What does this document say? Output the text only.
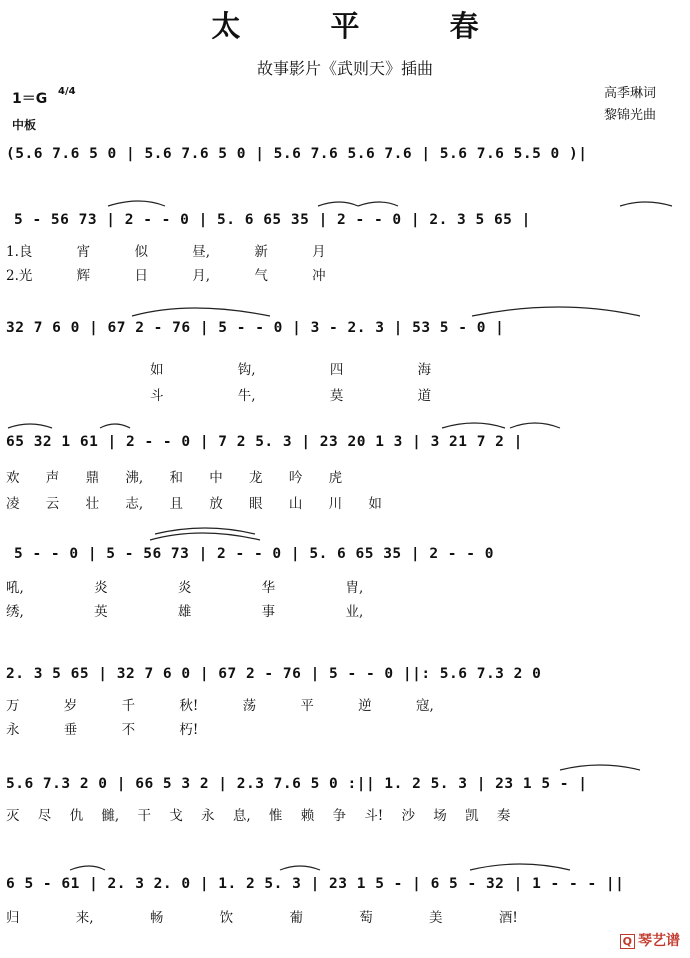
太 平 春
故事影片《武则天》插曲
高季琳词
黎锦光曲
1＝G 4/4
中板
(5.6 7.6 5 0 | 5.6 7.6 5 0 | 5.6 7.6 5.6 7.6 | 5.6 7.6 5.5 0 )|
5 - 56 73 | 2 - - 0 | 5. 6 65 35 | 2 - - 0 | 2. 3 5 65 |
1.良 宵 似 昼, 新 月
2.光 辉 日 月, 气 冲
32 7 6 0 | 67 2 - 76 | 5 - - 0 | 3 - 2. 3 | 53 5 - 0 |
如 钩, 四 海
斗 牛, 莫 道
65 32 1 61 | 2 - - 0 | 7 2 5. 3 | 23 20 1 3 | 3 21 7 2 |
欢 声 鼎 沸, 和 中 龙 吟 虎
凌 云 壮 志, 且 放 眼 山 川 如
5 - - 0 | 5 - 56 73 | 2 - - 0 | 5. 6 65 35 | 2 - - 0
吼, 炎 炎 华 胄,
绣, 英 雄 事 业,
2. 3 5 65 | 32 7 6 0 | 67 2 - 76 | 5 - - 0 ||: 5.6 7.3 2 0
万 岁 千 秋! 荡 平 逆 寇,
永 垂 不 朽!
5.6 7.3 2 0 | 66 5 3 2 | 2.3 7.6 5 0 :|| 1. 2 5. 3 | 23 1 5 - |
灭 尽 仇 雠, 干 戈 永 息, 惟 赖 争 斗! 沙 场 凯 奏
6 5 - 61 | 2. 3 2. 0 | 1. 2 5. 3 | 23 1 5 - | 6 5 - 32 | 1 - - - ||
归 来, 畅 饮 葡 萄 美 酒!
Q 琴艺谱
